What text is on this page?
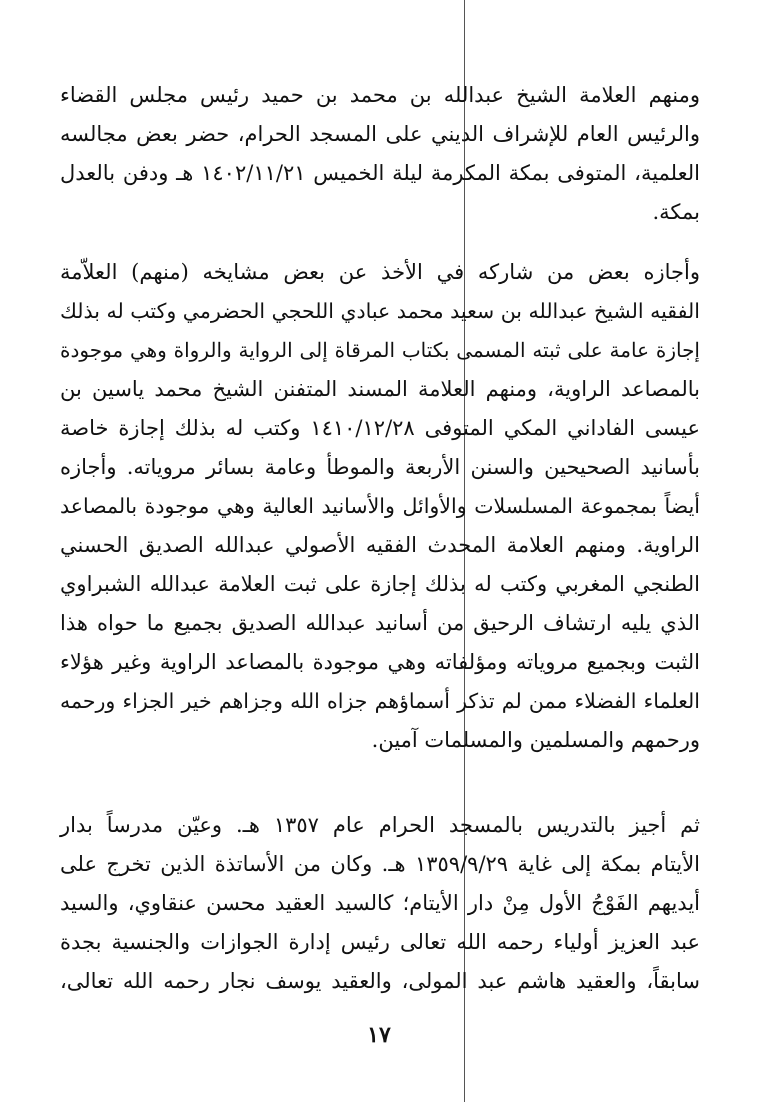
ومنهم العلامة الشيخ عبدالله بن محمد بن حميد رئيس مجلس القضاء
والرئيس العام للإشراف الديني على المسجد الحرام، حضر بعض مجالسه
العلمية، المتوفى بمكة المكرمة ليلة الخميس ١٤٠٢/١١/٢١ هـ ودفن بالعدل
بمكة.
وأجازه بعض من شاركه في الأخذ عن بعض مشايخه (منهم) العلاّمة
الفقيه الشيخ عبدالله بن سعيد محمد عبادي اللحجي الحضرمي وكتب له بذلك
إجازة عامة على ثبته المسمى بكتاب المرقاة إلى الرواية والرواة وهي موجودة
بالمصاعد الراوية، ومنهم العلامة المسند المتفنن الشيخ محمد ياسين بن
عيسى الفاداني المكي المتوفى ١٤١٠/١٢/٢٨ وكتب له بذلك إجازة خاصة
بأسانيد الصحيحين والسنن الأربعة والموطأ وعامة بسائر مروياته. وأجازه
أيضاً بمجموعة المسلسلات والأوائل والأسانيد العالية وهي موجودة بالمصاعد
الراوية. ومنهم العلامة المحدث الفقيه الأصولي عبدالله الصديق الحسني
الطنجي المغربي وكتب له بذلك إجازة على ثبت العلامة عبدالله الشبراوي
الذي يليه ارتشاف الرحيق من أسانيد عبدالله الصديق بجميع ما حواه هذا
الثبت وبجميع مروياته ومؤلفاته وهي موجودة بالمصاعد الراوية وغير هؤلاء
العلماء الفضلاء ممن لم تذكر أسماؤهم جزاه الله وجزاهم خير الجزاء ورحمه
ورحمهم والمسلمين والمسلمات آمين.
ثم أجيز بالتدريس بالمسجد الحرام عام ١٣٥٧ هـ. وعيّن مدرساً بدار
الأيتام بمكة إلى غاية ١٣٥٩/٩/٢٩ هـ. وكان من الأساتذة الذين تخرج على
أيديهم الفَوْجُ الأول مِنْ دار الأيتام؛ كالسيد العقيد محسن عنقاوي، والسيد
عبد العزيز أولياء رحمه الله تعالى رئيس إدارة الجوازات والجنسية بجدة
سابقاً، والعقيد هاشم عبد المولى، والعقيد يوسف نجار رحمه الله تعالى،
١٧
